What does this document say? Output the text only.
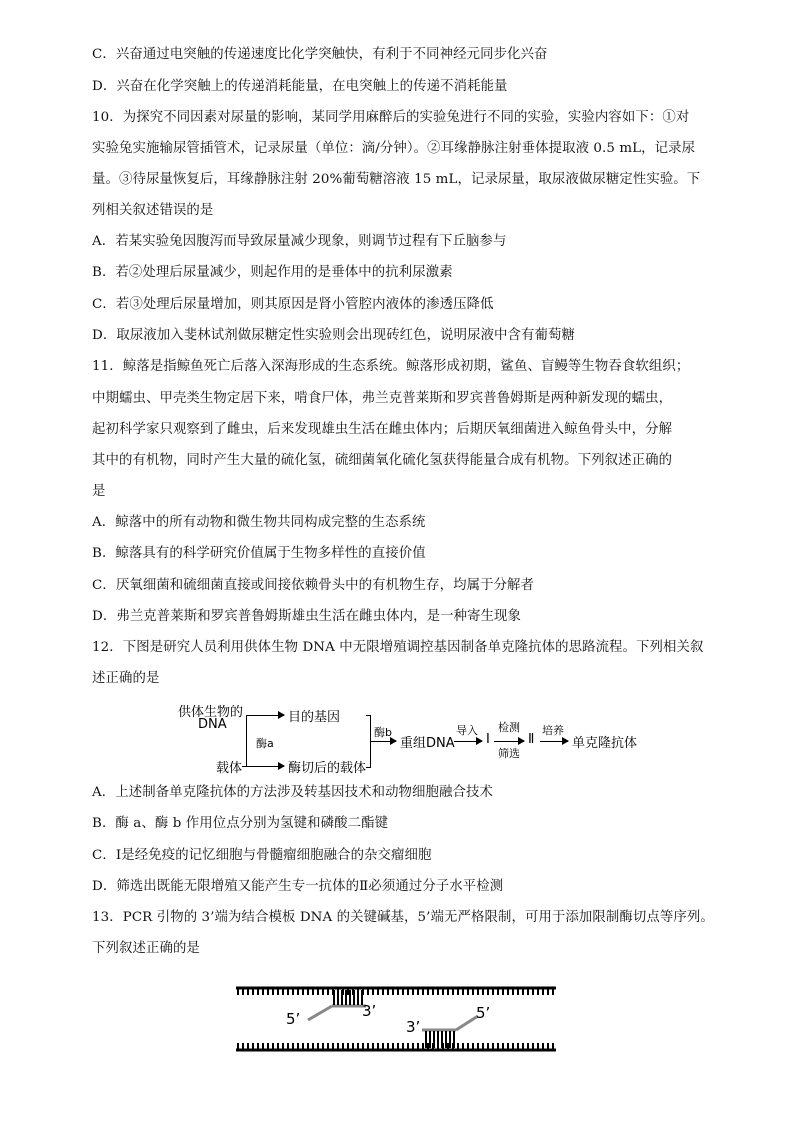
C．兴奋通过电突触的传递速度比化学突触快，有利于不同神经元同步化兴奋
D．兴奋在化学突触上的传递消耗能量，在电突触上的传递不消耗能量
10．为探究不同因素对尿量的影响，某同学用麻醉后的实验兔进行不同的实验，实验内容如下：①对
实验兔实施输尿管插管术，记录尿量（单位：滴/分钟）。②耳缘静脉注射垂体提取液 0.5 mL，记录尿
量。③待尿量恢复后，耳缘静脉注射 20%葡萄糖溶液 15 mL，记录尿量，取尿液做尿糖定性实验。下
列相关叙述错误的是
A．若某实验兔因腹泻而导致尿量减少现象，则调节过程有下丘脑参与
B．若②处理后尿量减少，则起作用的是垂体中的抗利尿激素
C．若③处理后尿量增加，则其原因是肾小管腔内液体的渗透压降低
D．取尿液加入斐林试剂做尿糖定性实验则会出现砖红色，说明尿液中含有葡萄糖
11．鲸落是指鲸鱼死亡后落入深海形成的生态系统。鲸落形成初期，鲨鱼、盲鳗等生物吞食软组织；
中期蠕虫、甲壳类生物定居下来，啃食尸体，弗兰克普莱斯和罗宾普鲁姆斯是两种新发现的蠕虫，
起初科学家只观察到了雌虫，后来发现雄虫生活在雌虫体内；后期厌氧细菌进入鲸鱼骨头中，分解
其中的有机物，同时产生大量的硫化氢，硫细菌氧化硫化氢获得能量合成有机物。下列叙述正确的
是
A．鲸落中的所有动物和微生物共同构成完整的生态系统
B．鲸落具有的科学研究价值属于生物多样性的直接价值
C．厌氧细菌和硫细菌直接或间接依赖骨头中的有机物生存，均属于分解者
D．弗兰克普莱斯和罗宾普鲁姆斯雄虫生活在雌虫体内，是一种寄生现象
12．下图是研究人员利用供体生物 DNA 中无限增殖调控基因制备单克隆抗体的思路流程。下列相关叙
述正确的是
A．上述制备单克隆抗体的方法涉及转基因技术和动物细胞融合技术
B．酶 a、酶 b 作用位点分别为氢键和磷酸二酯键
C．Ⅰ是经免疫的记忆细胞与骨髓瘤细胞融合的杂交瘤细胞
D．筛选出既能无限增殖又能产生专一抗体的Ⅱ必须通过分子水平检测
13．PCR 引物的 3’端为结合模板 DNA 的关键碱基，5’端无严格限制，可用于添加限制酶切点等序列。
下列叙述正确的是
供体生物的
DNA	目的基因
酶a
载体	酶切后的载体
酶b
重组DNA
导入
Ⅰ
检测
筛选
Ⅱ
培养
单克隆抗体
5’	3’
3’
5’
